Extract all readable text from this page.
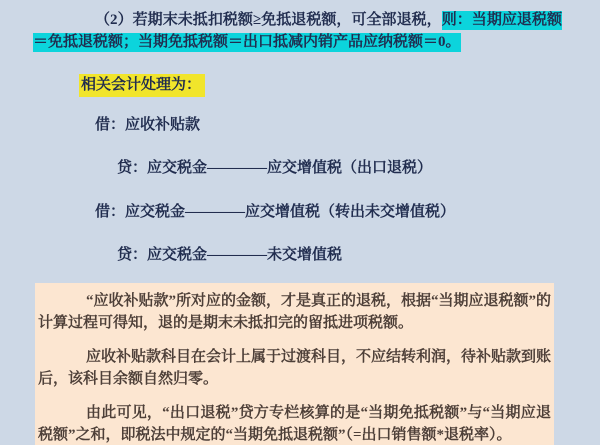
（2）若期末未抵扣税额≥免抵退税额，可全部退税，则：当期应退税额＝免抵退税额；当期免抵税额＝出口抵减内销产品应纳税额＝0。
相关会计处理为：
借：应收补贴款
贷：应交税金————应交增值税（出口退税）
借：应交税金————应交增值税（转出未交增值税）
贷：应交税金————未交增值税

“应收补贴款”所对应的金额，才是真正的退税，根据“当期应退税额”的计算过程可得知，退的是期末未抵扣完的留抵进项税额。

应收补贴款科目在会计上属于过渡科目，不应结转利润，待补贴款到账后，该科目余额自然归零。

由此可见，“出口退税”贷方专栏核算的是“当期免抵税额”与“当期应退税额”之和，即税法中规定的“当期免抵退税额”（=出口销售额*退税率）。
